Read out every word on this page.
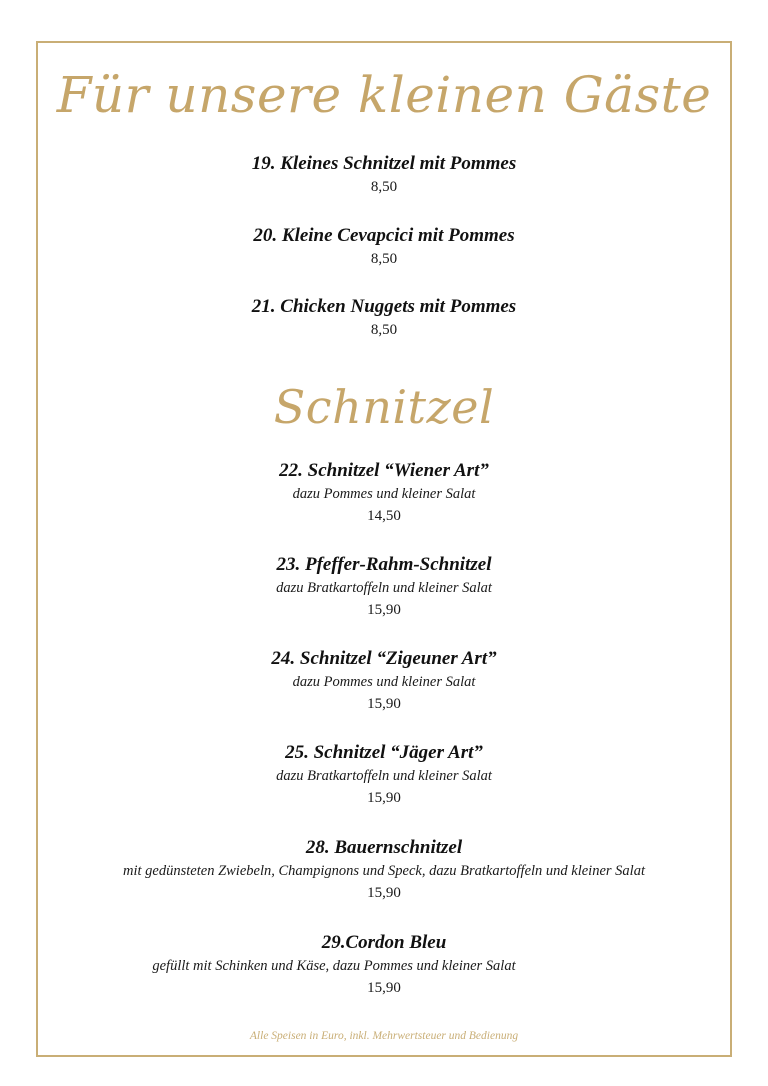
Für unsere kleinen Gäste
19. Kleines Schnitzel mit Pommes
8,50
20. Kleine Cevapcici mit Pommes
8,50
21. Chicken Nuggets mit Pommes
8,50
Schnitzel
22. Schnitzel “Wiener Art”
dazu Pommes und kleiner Salat
14,50
23. Pfeffer-Rahm-Schnitzel
dazu Bratkartoffeln und kleiner Salat
15,90
24. Schnitzel “Zigeuner Art”
dazu Pommes und kleiner Salat
15,90
25. Schnitzel “Jäger Art”
dazu Bratkartoffeln und kleiner Salat
15,90
28. Bauernschnitzel
mit gedünsteten Zwiebeln, Champignons und Speck, dazu Bratkartoffeln und kleiner Salat
15,90
29.Cordon Bleu
gefüllt mit Schinken und Käse, dazu Pommes und kleiner Salat
15,90
Alle Speisen in Euro, inkl. Mehrwertsteuer und Bedienung
